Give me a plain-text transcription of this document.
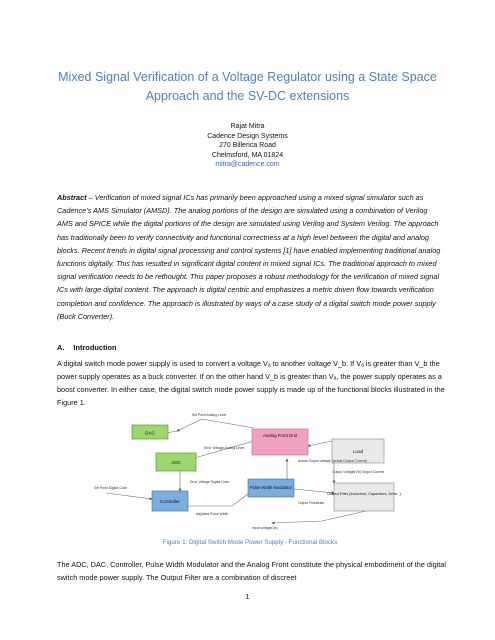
Mixed Signal Verification of a Voltage Regulator using a State Space Approach and the SV-DC extensions
Rajat Mitra
Cadence Design Systems
270 Billerica Road
Chelmsford, MA 01824
mitra@cadence.com
Abstract – Verification of mixed signal ICs has primarily been approached using a mixed signal simulator such as Cadence’s AMS Simulator (AMSD). The analog portions of the design are simulated using a combination of Verilog AMS and SPICE while the digital portions of the design are simulated using Verilog and System Verilog. The approach has traditionally been to verify connectivity and functional correctness at a high level between the digital and analog blocks. Recent trends in digital signal processing and control systems [1] have enabled implementing traditional analog functions digitally. This has resulted in significant digital content in mixed signal ICs. The traditional approach to mixed signal verification needs to be rethought. This paper proposes a robust methodology for the verification of mixed signal ICs with large digital content. The approach is digital centric and emphasizes a metric driven flow towards verification completion and confidence. The approach is illustrated by ways of a case study of a digital switch mode power supply (Buck Converter).
A. Introduction
A digital switch mode power supply is used to convert a voltage Vₐ to another voltage V_b. If Vₐ is greater than V_b the power supply operates as a buck converter. If on the other hand V_b is greater than Vₐ, the power supply operates as a boost converter. In either case, the digital switch mode power supply is made up of the functional blocks illustrated in the Figure 1.
DAC
ADC
Controller
Pulse Width Modulator
Analog Front End
Load
Output Filter (Inductors, Capacitors, Drive..)
Set Point Analog Level
Error Voltage Analog Level
Actual Output Voltage (Actual Output Current)
Error Voltage Digital Code
Set Point Digital Code
Adjusted Pulse Width
Output Pulsetrain
Output Voltage(Vb) Output Current
Input voltage(Va)
Figure 1: Digital Switch Mode Power Supply - Functional Blocks
The ADC, DAC, Controller, Pulse Width Modulator and the Analog Front constitute the physical embodiment of the digital switch mode power supply. The Output Filter are a combination of discreet
1
